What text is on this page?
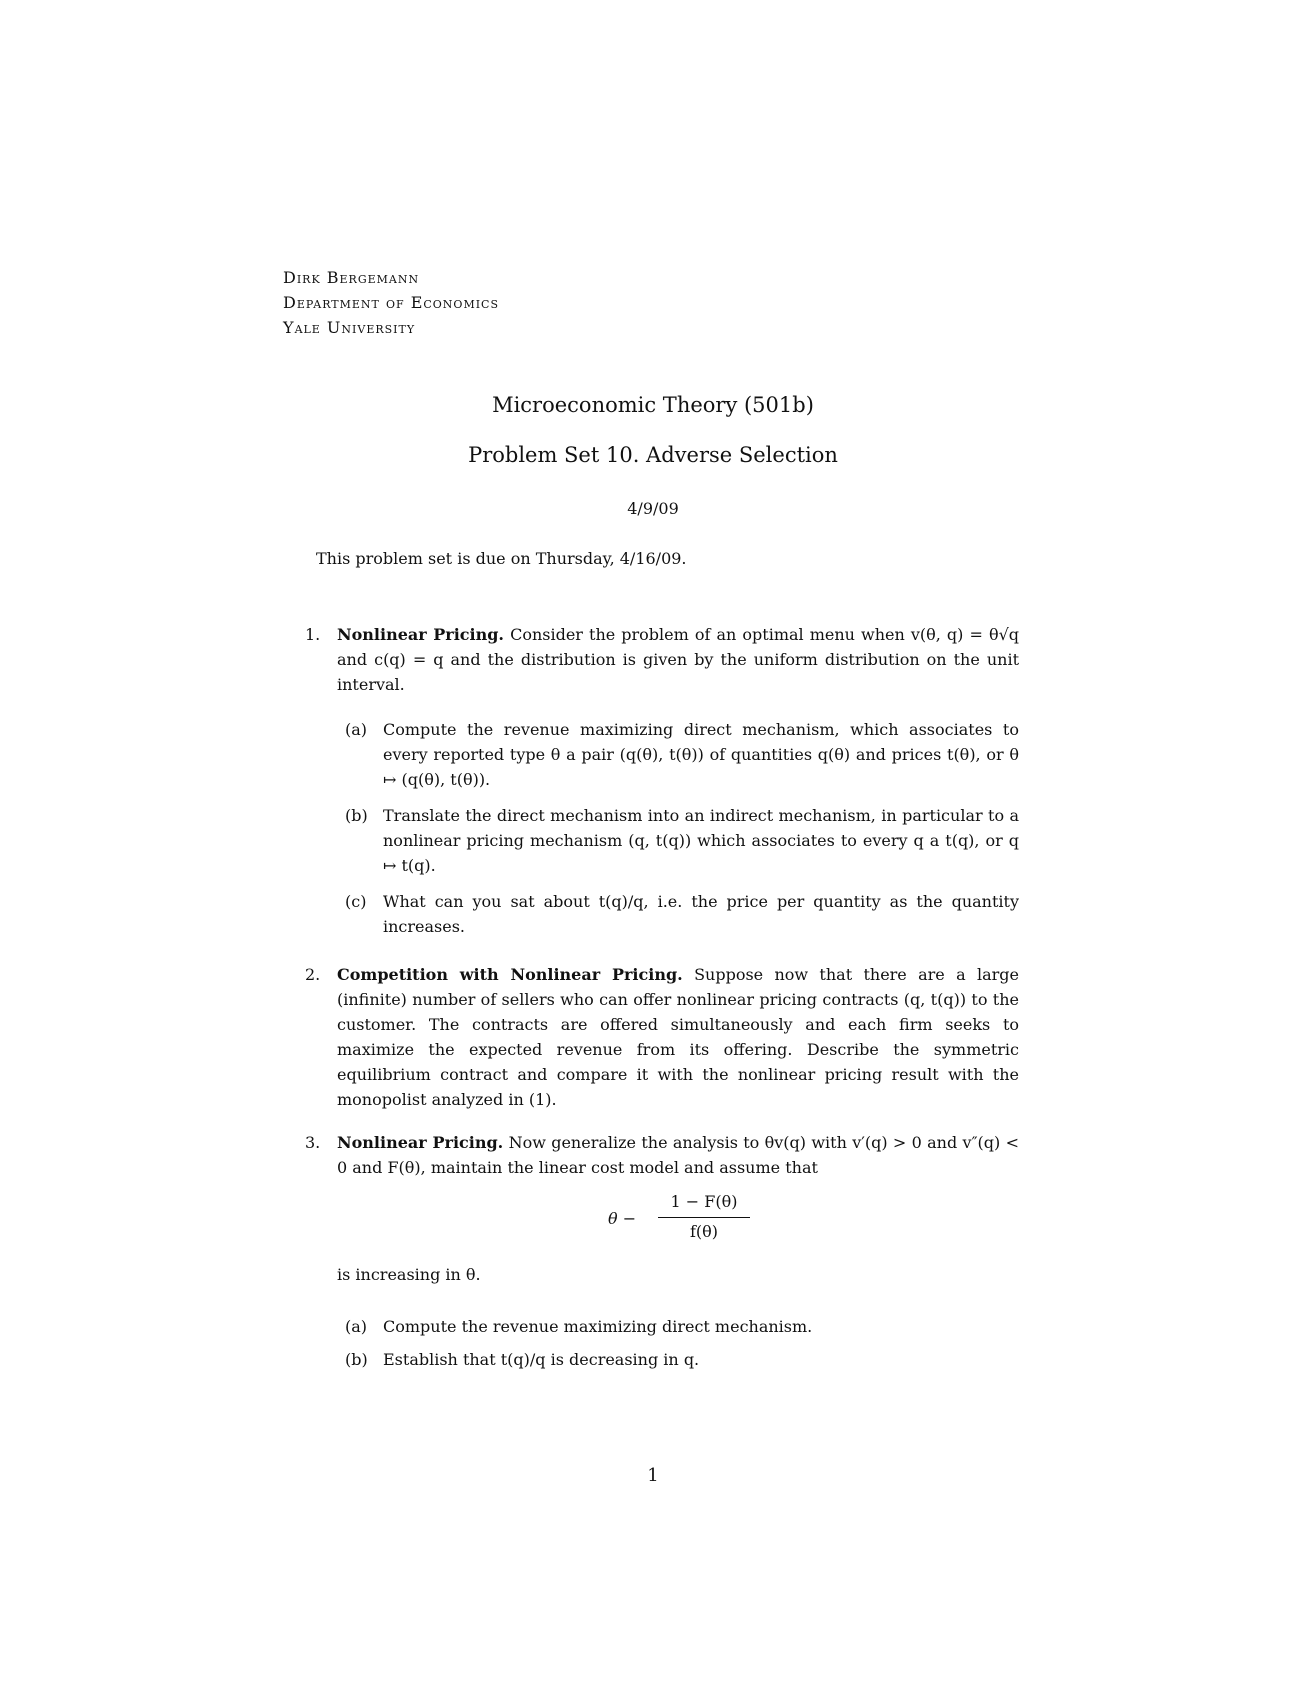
Dirk Bergemann
Department of Economics
Yale University
Microeconomic Theory (501b)
Problem Set 10. Adverse Selection
4/9/09
This problem set is due on Thursday, 4/16/09.
1. Nonlinear Pricing. Consider the problem of an optimal menu when v(θ, q) = θ√q and c(q) = q and the distribution is given by the uniform distribution on the unit interval.
(a) Compute the revenue maximizing direct mechanism, which associates to every reported type θ a pair (q(θ), t(θ)) of quantities q(θ) and prices t(θ), or θ ↦ (q(θ), t(θ)).
(b) Translate the direct mechanism into an indirect mechanism, in particular to a nonlinear pricing mechanism (q, t(q)) which associates to every q a t(q), or q ↦ t(q).
(c) What can you sat about t(q)/q, i.e. the price per quantity as the quantity increases.
2. Competition with Nonlinear Pricing. Suppose now that there are a large (infinite) number of sellers who can offer nonlinear pricing contracts (q, t(q)) to the customer. The contracts are offered simultaneously and each firm seeks to maximize the expected revenue from its offering. Describe the symmetric equilibrium contract and compare it with the nonlinear pricing result with the monopolist analyzed in (1).
3. Nonlinear Pricing. Now generalize the analysis to θv(q) with v′(q) > 0 and v″(q) < 0 and F(θ), maintain the linear cost model and assume that
θ −
1 − F(θ)
f(θ)
is increasing in θ.
(a) Compute the revenue maximizing direct mechanism.
(b) Establish that t(q)/q is decreasing in q.
1
